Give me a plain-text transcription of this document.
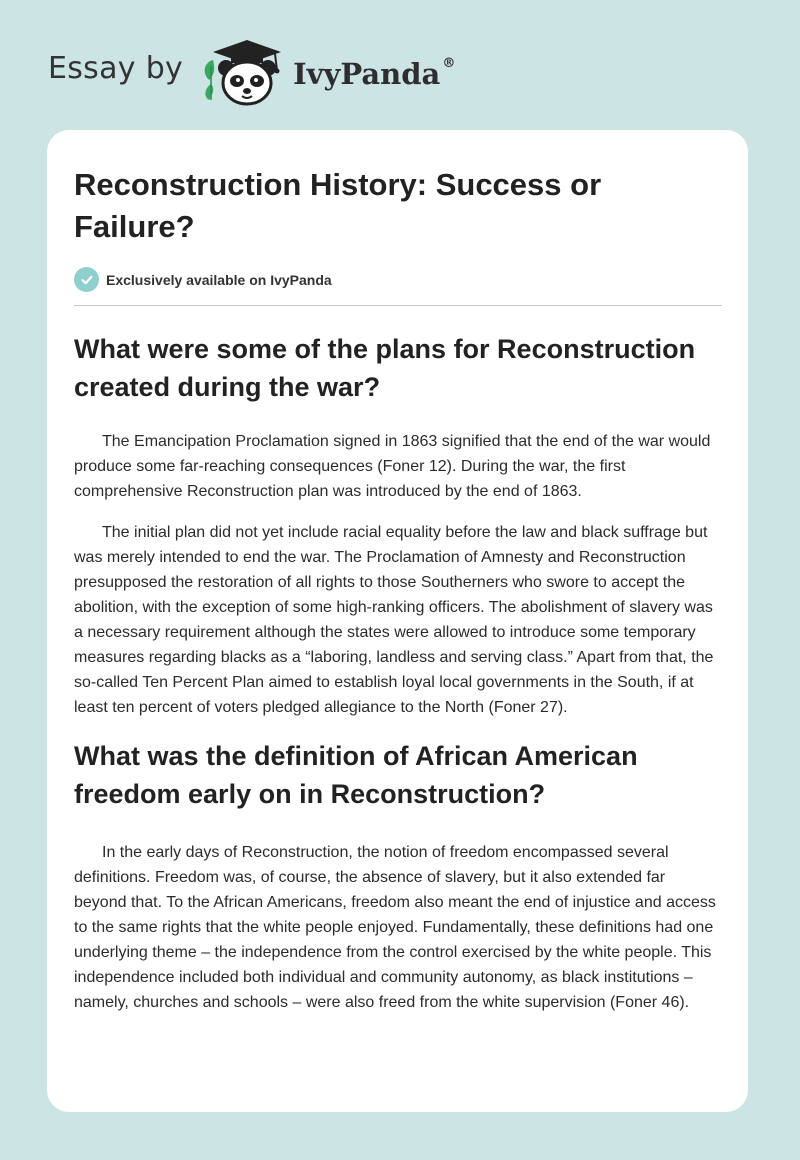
Essay by	IvyPanda ®
Reconstruction History: Success or Failure?
Exclusively available on IvyPanda
What were some of the plans for Reconstruction created during the war?

The Emancipation Proclamation signed in 1863 signified that the end of the war would produce some far-reaching consequences (Foner 12). During the war, the first comprehensive Reconstruction plan was introduced by the end of 1863.

The initial plan did not yet include racial equality before the law and black suffrage but was merely intended to end the war. The Proclamation of Amnesty and Reconstruction presupposed the restoration of all rights to those Southerners who swore to accept the abolition, with the exception of some high-ranking officers. The abolishment of slavery was a necessary requirement although the states were allowed to introduce some temporary measures regarding blacks as a “laboring, landless and serving class.” Apart from that, the so-called Ten Percent Plan aimed to establish loyal local governments in the South, if at least ten percent of voters pledged allegiance to the North (Foner 27).

What was the definition of African American freedom early on in Reconstruction?

In the early days of Reconstruction, the notion of freedom encompassed several definitions. Freedom was, of course, the absence of slavery, but it also extended far beyond that. To the African Americans, freedom also meant the end of injustice and access to the same rights that the white people enjoyed. Fundamentally, these definitions had one underlying theme – the independence from the control exercised by the white people. This independence included both individual and community autonomy, as black institutions – namely, churches and schools – were also freed from the white supervision (Foner 46).
